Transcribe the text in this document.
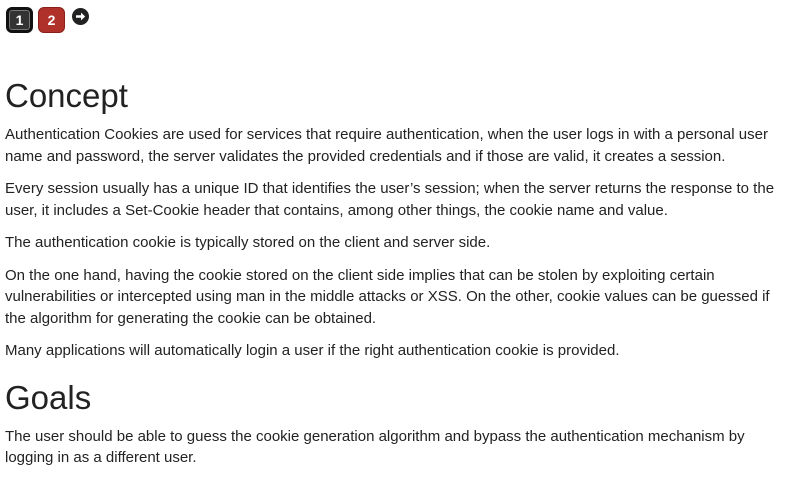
1	2
Concept

Authentication Cookies are used for services that require authentication, when the user logs in with a personal user name and password, the server validates the provided credentials and if those are valid, it creates a session.

Every session usually has a unique ID that identifies the user’s session; when the server returns the response to the user, it includes a Set-Cookie header that contains, among other things, the cookie name and value.

The authentication cookie is typically stored on the client and server side.

On the one hand, having the cookie stored on the client side implies that can be stolen by exploiting certain vulnerabilities or intercepted using man in the middle attacks or XSS. On the other, cookie values can be guessed if the algorithm for generating the cookie can be obtained.

Many applications will automatically login a user if the right authentication cookie is provided.

Goals

The user should be able to guess the cookie generation algorithm and bypass the authentication mechanism by logging in as a different user.
